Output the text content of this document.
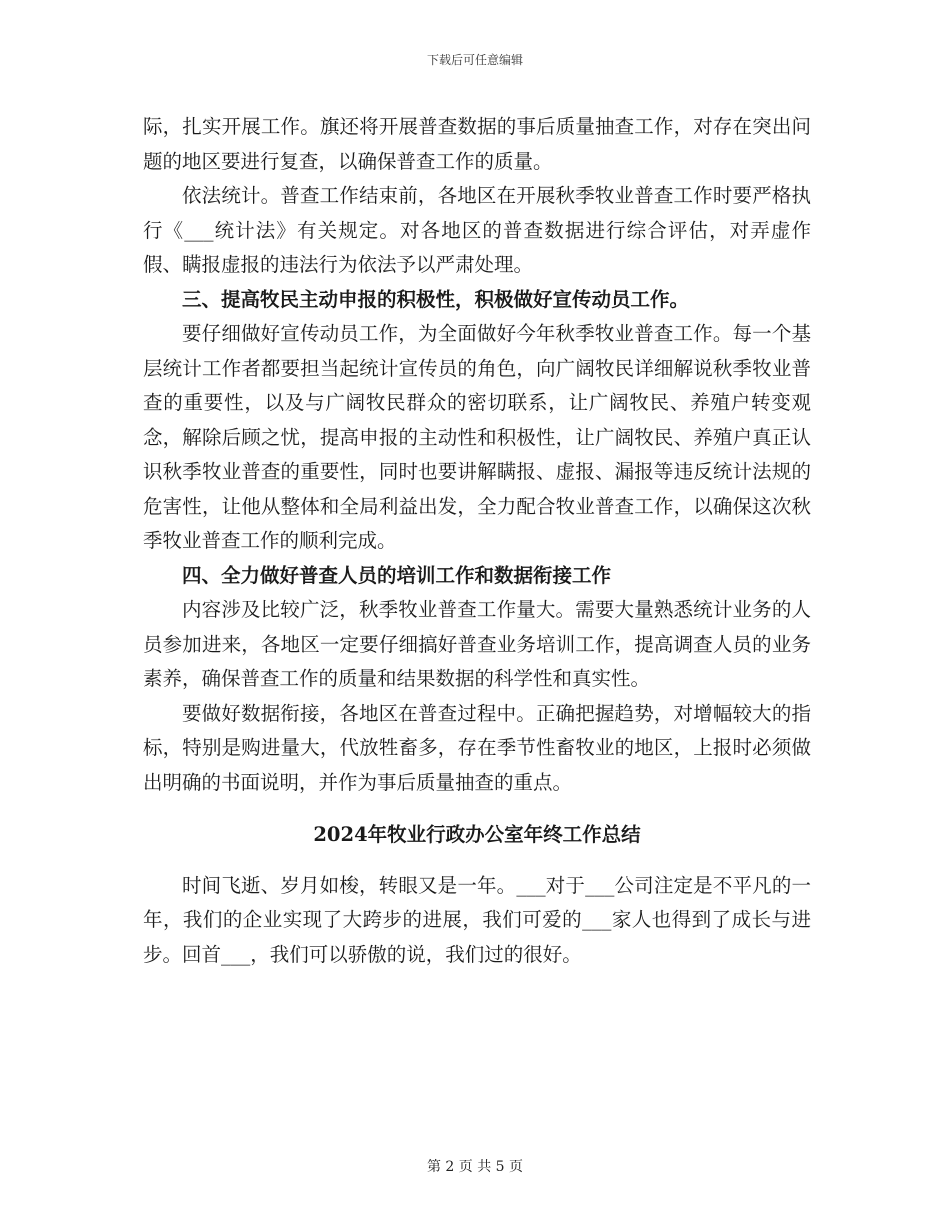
下载后可任意编辑

际，扎实开展工作。旗还将开展普查数据的事后质量抽查工作，对存在突出问题的地区要进行复查，以确保普查工作的质量。

依法统计。普查工作结束前，各地区在开展秋季牧业普查工作时要严格执行《___统计法》有关规定。对各地区的普查数据进行综合评估，对弄虚作假、瞒报虚报的违法行为依法予以严肃处理。

三、提高牧民主动申报的积极性，积极做好宣传动员工作。

要仔细做好宣传动员工作，为全面做好今年秋季牧业普查工作。每一个基层统计工作者都要担当起统计宣传员的角色，向广阔牧民详细解说秋季牧业普查的重要性，以及与广阔牧民群众的密切联系，让广阔牧民、养殖户转变观念，解除后顾之忧，提高申报的主动性和积极性，让广阔牧民、养殖户真正认识秋季牧业普查的重要性，同时也要讲解瞒报、虚报、漏报等违反统计法规的危害性，让他从整体和全局利益出发，全力配合牧业普查工作，以确保这次秋季牧业普查工作的顺利完成。

四、全力做好普查人员的培训工作和数据衔接工作

内容涉及比较广泛，秋季牧业普查工作量大。需要大量熟悉统计业务的人员参加进来，各地区一定要仔细搞好普查业务培训工作，提高调查人员的业务素养，确保普查工作的质量和结果数据的科学性和真实性。

要做好数据衔接，各地区在普查过程中。正确把握趋势，对增幅较大的指标，特别是购进量大，代放牲畜多，存在季节性畜牧业的地区，上报时必须做出明确的书面说明，并作为事后质量抽查的重点。

2024年牧业行政办公室年终工作总结

时间飞逝、岁月如梭，转眼又是一年。___对于___公司注定是不平凡的一年，我们的企业实现了大跨步的进展，我们可爱的___家人也得到了成长与进步。回首___，我们可以骄傲的说，我们过的很好。

第 2 页 共 5 页
